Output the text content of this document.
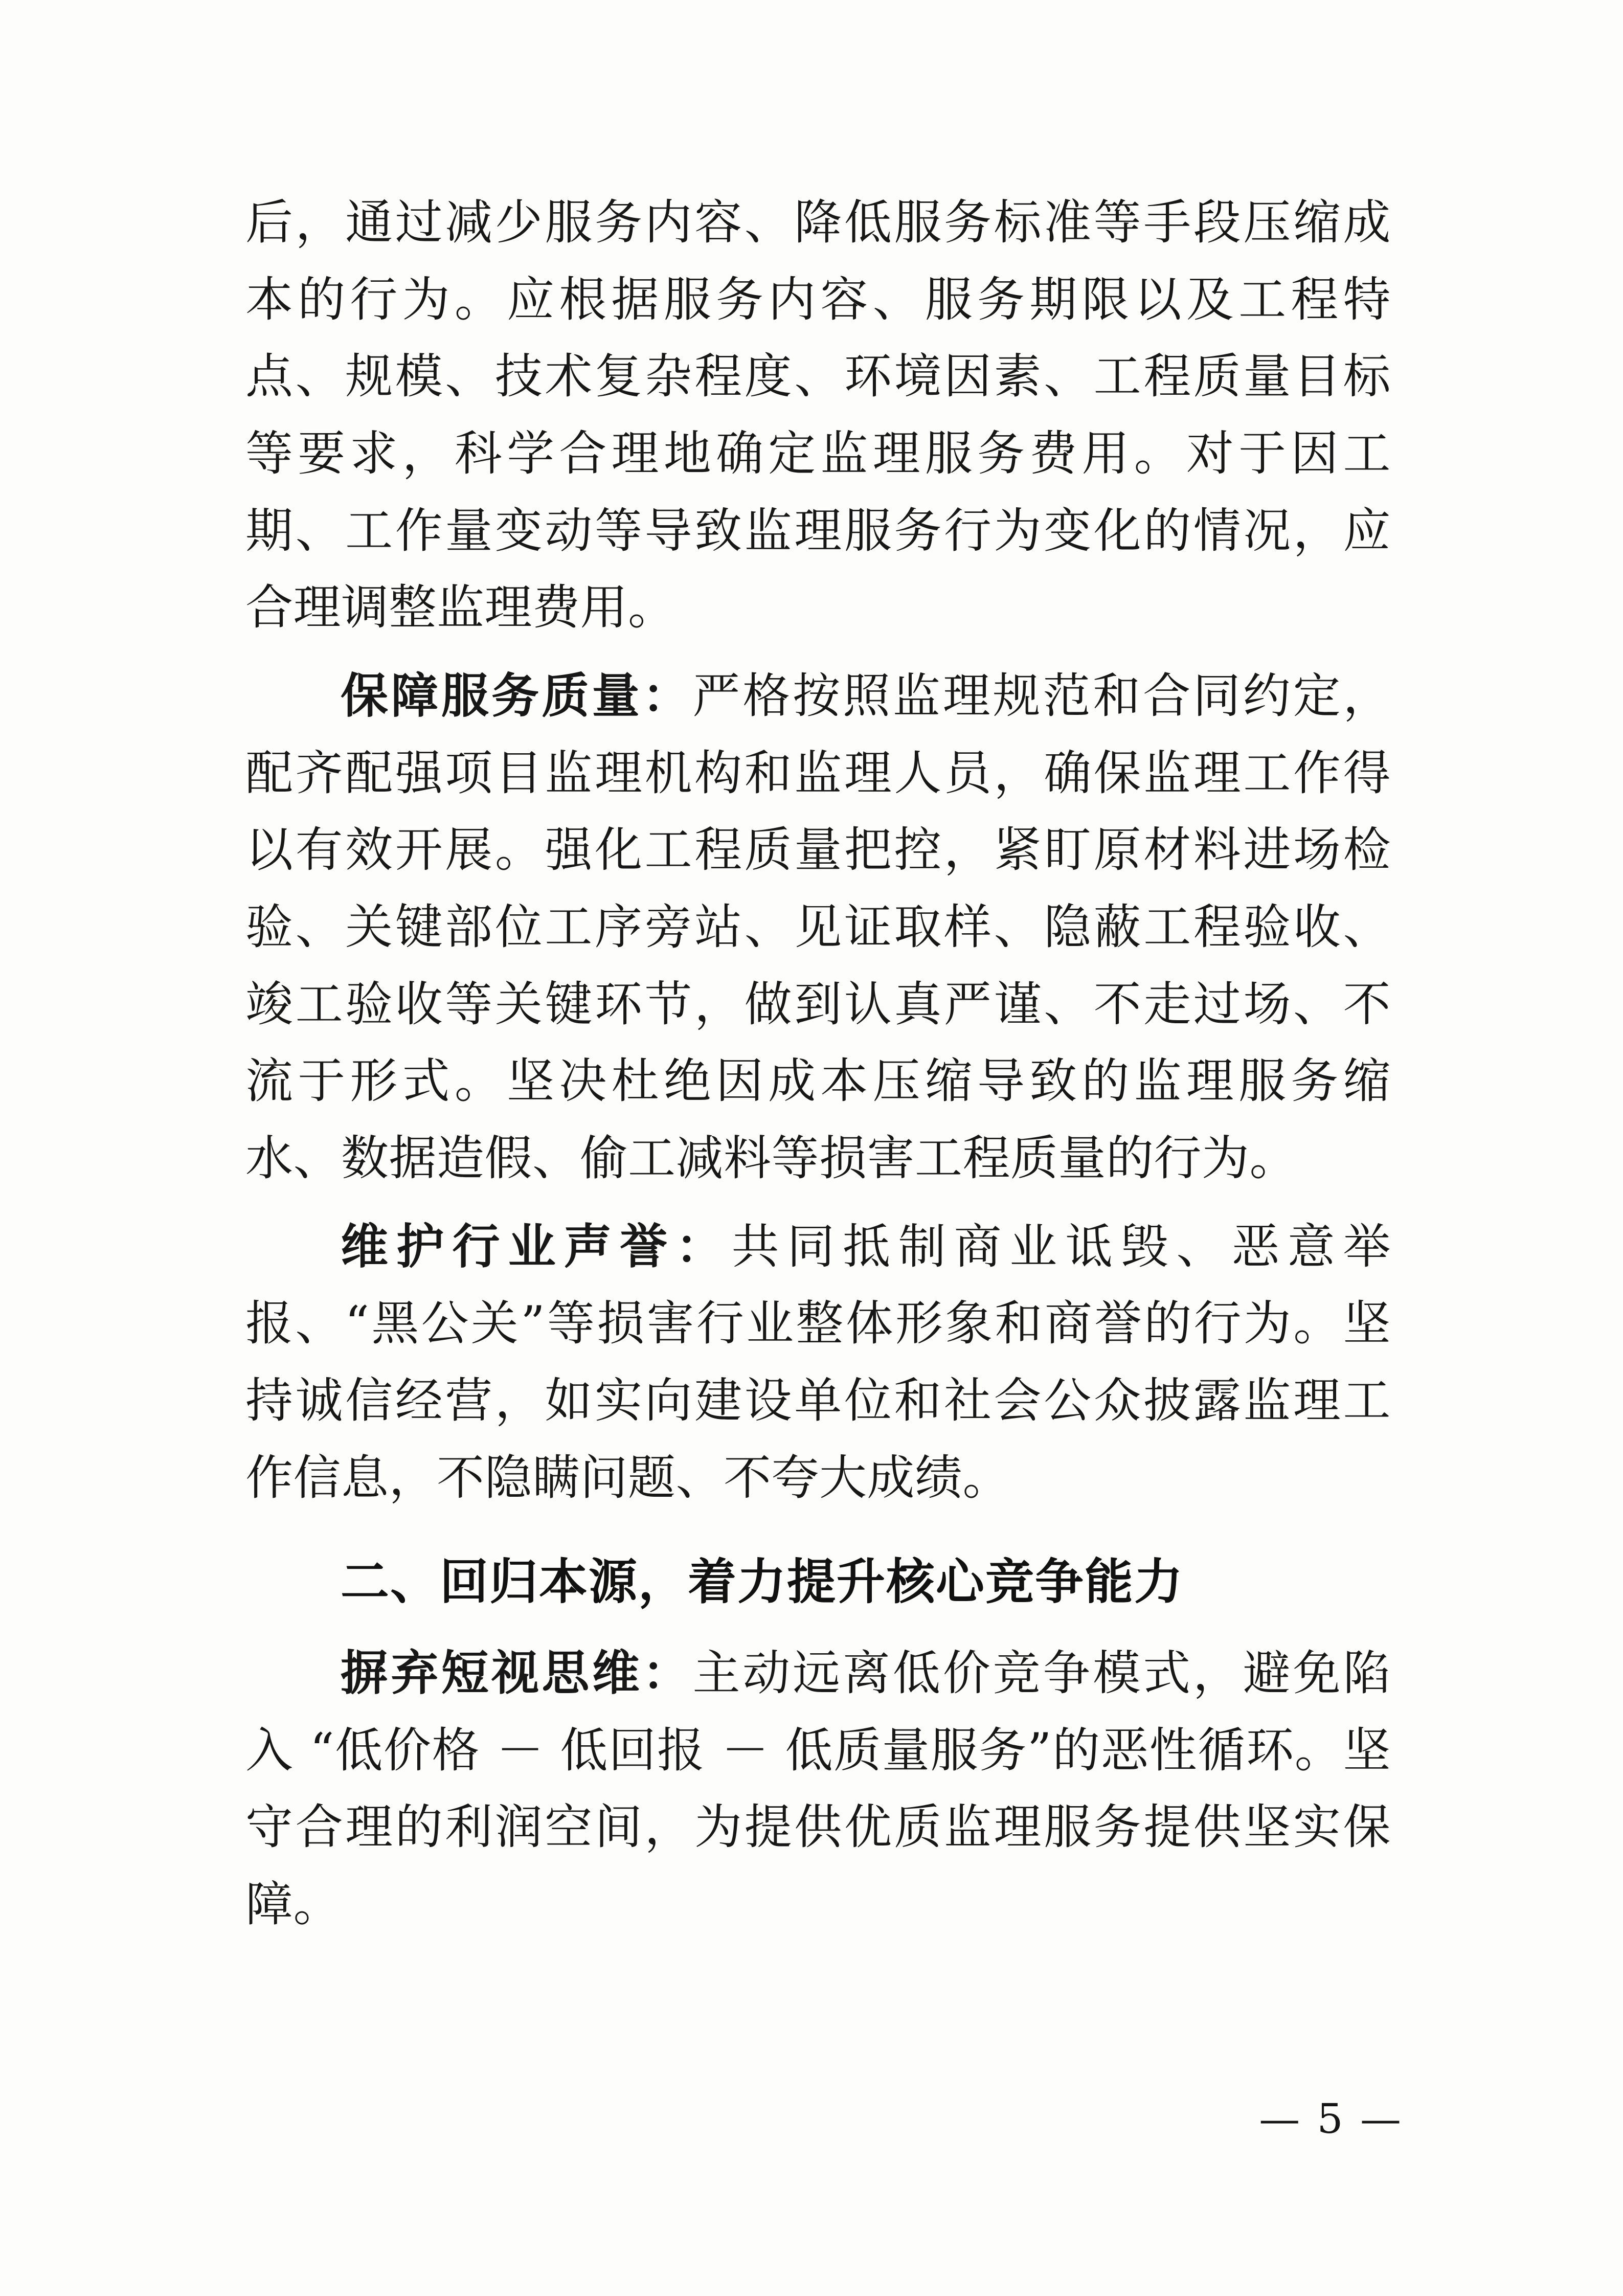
后，通过减少服务内容、降低服务标准等手段压缩成本的行为。应根据服务内容、服务期限以及工程特点、规模、技术复杂程度、环境因素、工程质量目标等要求，科学合理地确定监理服务费用。对于因工期、工作量变动等导致监理服务行为变化的情况，应合理调整监理费用。

保障服务质量：严格按照监理规范和合同约定，配齐配强项目监理机构和监理人员，确保监理工作得以有效开展。强化工程质量把控，紧盯原材料进场检验、关键部位工序旁站、见证取样、隐蔽工程验收、竣工验收等关键环节，做到认真严谨、不走过场、不流于形式。坚决杜绝因成本压缩导致的监理服务缩水、数据造假、偷工减料等损害工程质量的行为。

维护行业声誉：共同抵制商业诋毁、恶意举报、“黑公关”等损害行业整体形象和商誉的行为。坚持诚信经营，如实向建设单位和社会公众披露监理工作信息，不隐瞒问题、不夸大成绩。

二、回归本源，着力提升核心竞争能力

摒弃短视思维：主动远离低价竞争模式，避免陷入 “低价格 － 低回报 － 低质量服务”的恶性循环。坚守合理的利润空间，为提供优质监理服务提供坚实保障。

— 5 —
